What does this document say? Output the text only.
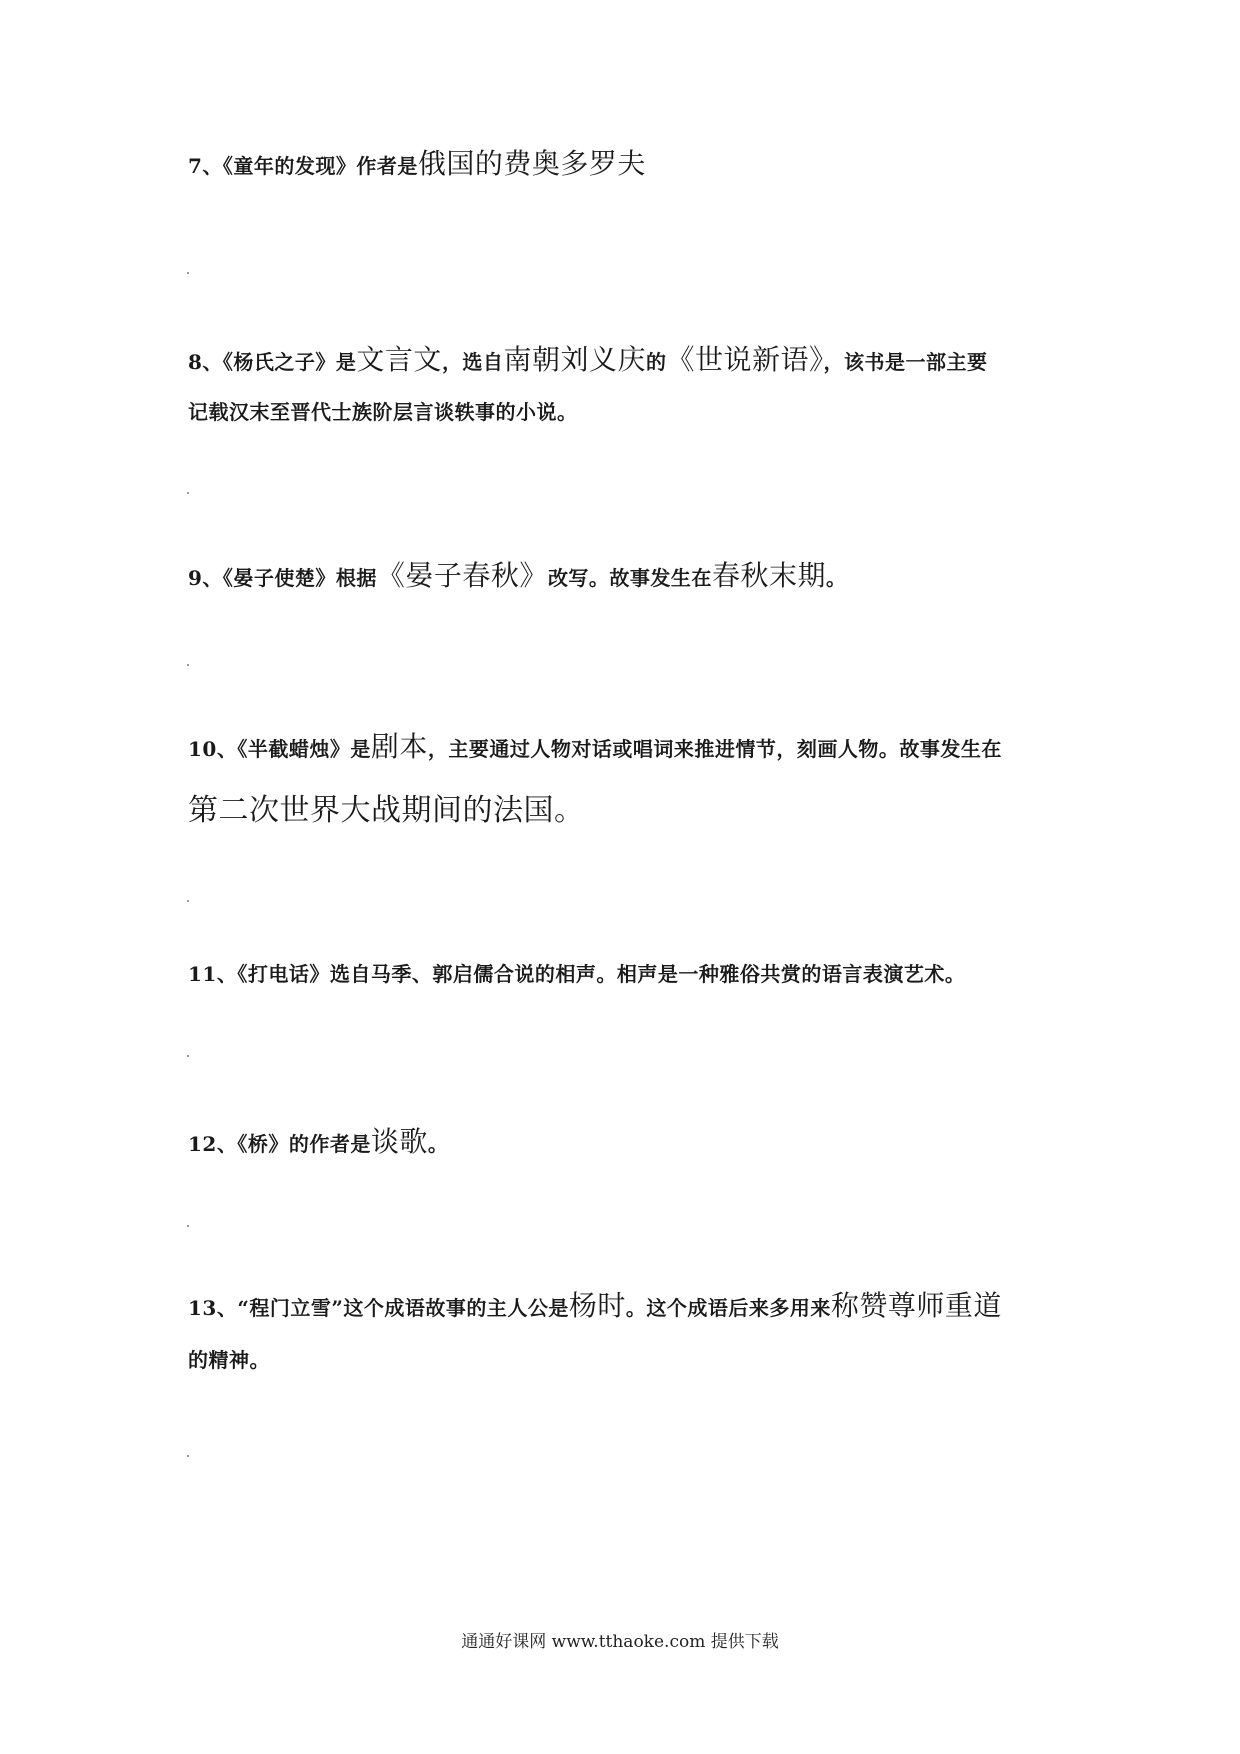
7、《童年的发现》作者是俄国的费奥多罗夫
8、《杨氏之子》是文言文，选自南朝刘义庆的《世说新语》，该书是一部主要
记载汉末至晋代士族阶层言谈轶事的小说。
9、《晏子使楚》根据《晏子春秋》改写。故事发生在春秋末期。
10、《半截蜡烛》是剧本，主要通过人物对话或唱词来推进情节，刻画人物。故事发生在
第二次世界大战期间的法国。
11、《打电话》选自马季、郭启儒合说的相声。相声是一种雅俗共赏的语言表演艺术。
12、《桥》的作者是谈歌。
13、“程门立雪”这个成语故事的主人公是杨时。这个成语后来多用来称赞尊师重道
的精神。
通通好课网 www.tthaoke.com 提供下载
